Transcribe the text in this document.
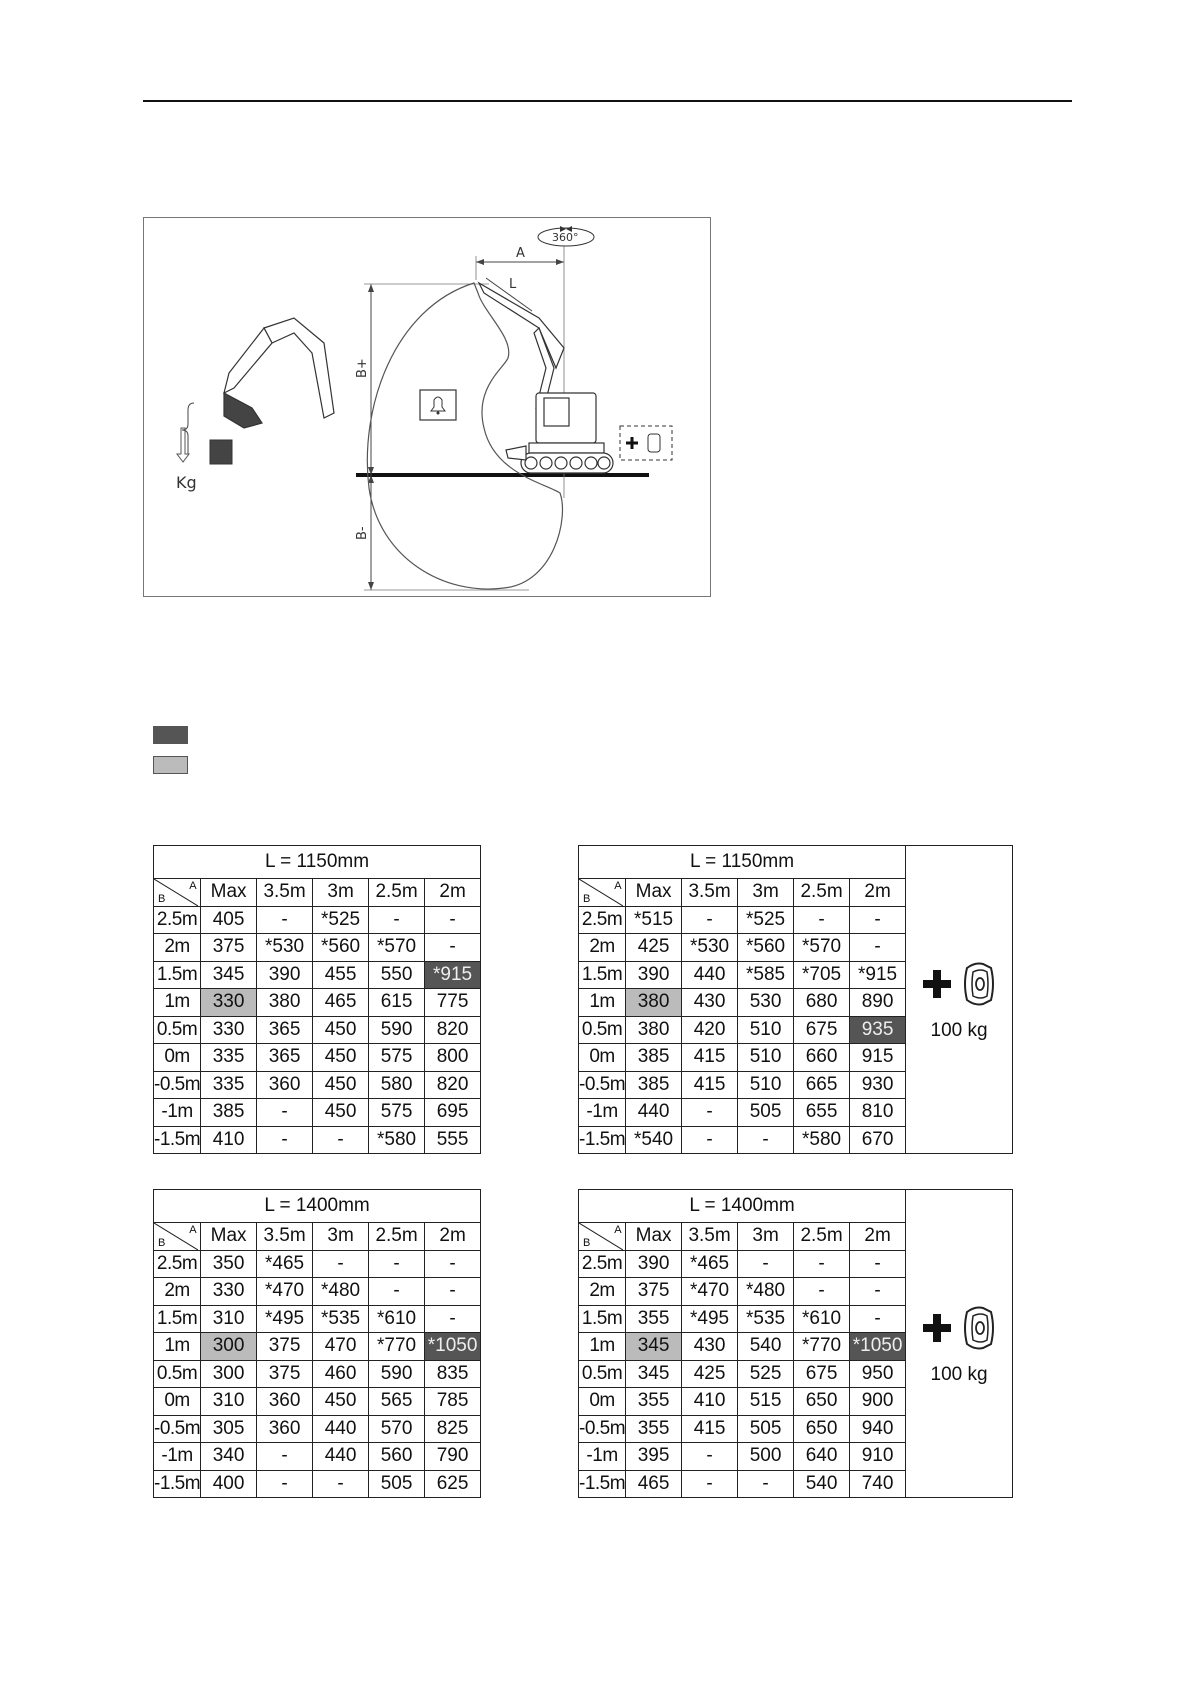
B+
B-
A
360°
L
Kg
L = 1150mm					

B
A	Max	3.5m	3m	2.5m	2m
2.5m	405	-	*525	-	-
2m	375	*530	*560	*570	-
1.5m	345	390	455	550	*915
1m	330	380	465	615	775
0.5m	330	365	450	590	820
0m	335	365	450	575	800
-0.5m	335	360	450	580	820
-1m	385	-	450	575	695
-1.5m	410	-	-	*580	555
L = 1150mm						100 kg

B
A	Max	3.5m	3m	2.5m	2m	
2.5m	*515	-	*525	-	-	
2m	425	*530	*560	*570	-	
1.5m	390	440	*585	*705	*915	
1m	380	430	530	680	890	
0.5m	380	420	510	675	935	
0m	385	415	510	660	915	
-0.5m	385	415	510	665	930	
-1m	440	-	505	655	810	
-1.5m	*540	-	-	*580	670	
L = 1400mm					

B
A	Max	3.5m	3m	2.5m	2m
2.5m	350	*465	-	-	-
2m	330	*470	*480	-	-
1.5m	310	*495	*535	*610	-
1m	300	375	470	*770	*1050
0.5m	300	375	460	590	835
0m	310	360	450	565	785
-0.5m	305	360	440	570	825
-1m	340	-	440	560	790
-1.5m	400	-	-	505	625
L = 1400mm						100 kg

B
A	Max	3.5m	3m	2.5m	2m	
2.5m	390	*465	-	-	-	
2m	375	*470	*480	-	-	
1.5m	355	*495	*535	*610	-	
1m	345	430	540	*770	*1050	
0.5m	345	425	525	675	950	
0m	355	410	515	650	900	
-0.5m	355	415	505	650	940	
-1m	395	-	500	640	910	
-1.5m	465	-	-	540	740	
